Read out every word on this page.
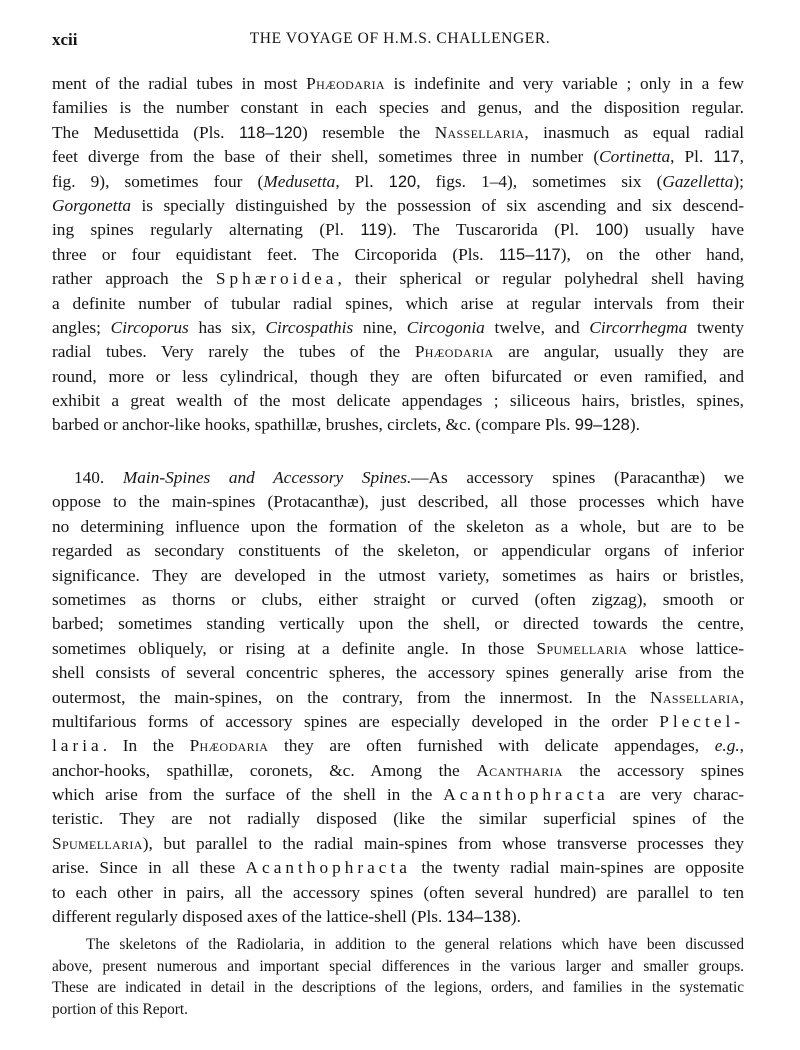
xcii	THE VOYAGE OF H.M.S. CHALLENGER.
ment of the radial tubes in most Phæodaria is indefinite and very variable ; only in a few
families is the number constant in each species and genus, and the disposition regular.
The Medusettida (Pls. 118–120) resemble the Nassellaria, inasmuch as equal radial
feet diverge from the base of their shell, sometimes three in number (Cortinetta, Pl. 117,
fig. 9), sometimes four (Medusetta, Pl. 120, figs. 1–4), sometimes six (Gazelletta);
Gorgonetta is specially distinguished by the possession of six ascending and six descend-
ing spines regularly alternating (Pl. 119). The Tuscarorida (Pl. 100) usually have
three or four equidistant feet. The Circoporida (Pls. 115–117), on the other hand,
rather approach the Sphæroidea, their spherical or regular polyhedral shell having
a definite number of tubular radial spines, which arise at regular intervals from their
angles; Circoporus has six, Circospathis nine, Circogonia twelve, and Circorrhegma twenty
radial tubes. Very rarely the tubes of the Phæodaria are angular, usually they are
round, more or less cylindrical, though they are often bifurcated or even ramified, and
exhibit a great wealth of the most delicate appendages ; siliceous hairs, bristles, spines,
barbed or anchor-like hooks, spathillæ, brushes, circlets, &c. (compare Pls. 99–128).
140. Main-Spines and Accessory Spines.—As accessory spines (Paracanthæ) we
oppose to the main-spines (Protacanthæ), just described, all those processes which have
no determining influence upon the formation of the skeleton as a whole, but are to be
regarded as secondary constituents of the skeleton, or appendicular organs of inferior
significance. They are developed in the utmost variety, sometimes as hairs or bristles,
sometimes as thorns or clubs, either straight or curved (often zigzag), smooth or
barbed; sometimes standing vertically upon the shell, or directed towards the centre,
sometimes obliquely, or rising at a definite angle. In those Spumellaria whose lattice-
shell consists of several concentric spheres, the accessory spines generally arise from the
outermost, the main-spines, on the contrary, from the innermost. In the Nassellaria,
multifarious forms of accessory spines are especially developed in the order Plectel-
laria. In the Phæodaria they are often furnished with delicate appendages, e.g.,
anchor-hooks, spathillæ, coronets, &c. Among the Acantharia the accessory spines
which arise from the surface of the shell in the Acanthophracta are very charac-
teristic. They are not radially disposed (like the similar superficial spines of the
Spumellaria), but parallel to the radial main-spines from whose transverse processes they
arise. Since in all these Acanthophracta the twenty radial main-spines are opposite
to each other in pairs, all the accessory spines (often several hundred) are parallel to ten
different regularly disposed axes of the lattice-shell (Pls. 134–138).
The skeletons of the Radiolaria, in addition to the general relations which have been discussed
above, present numerous and important special differences in the various larger and smaller groups.
These are indicated in detail in the descriptions of the legions, orders, and families in the systematic
portion of this Report.
